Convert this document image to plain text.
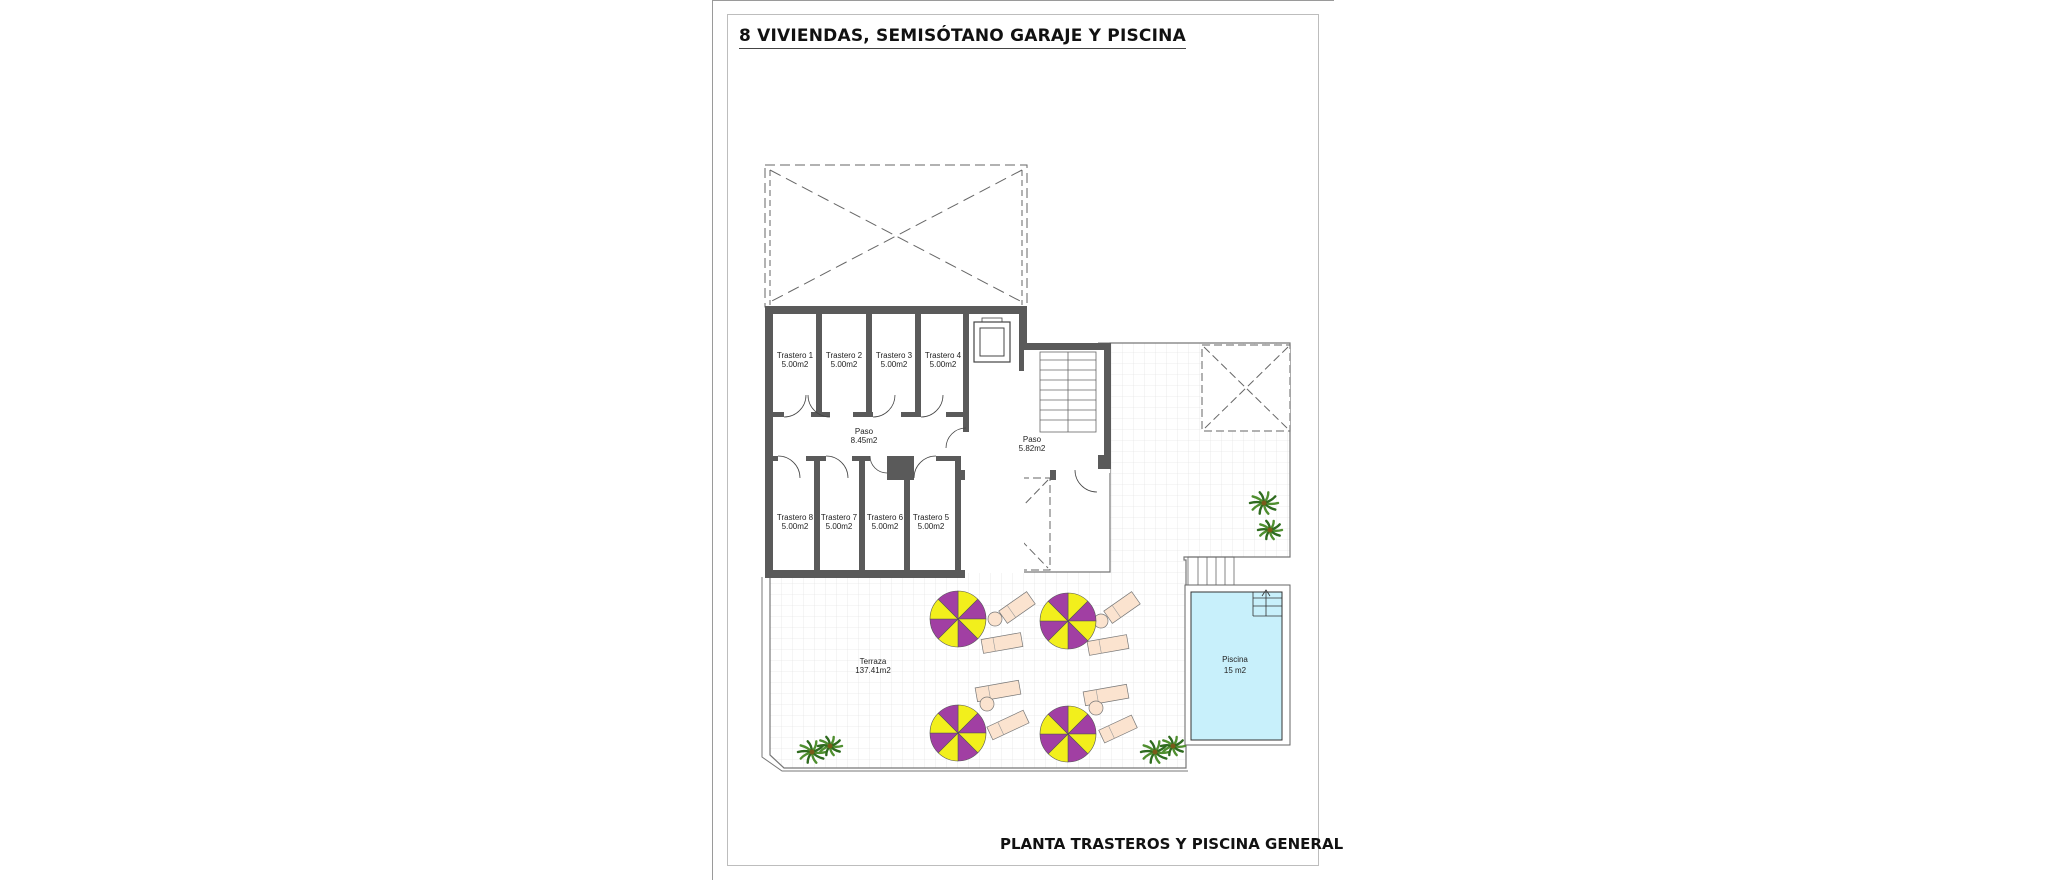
8 VIVIENDAS, SEMISÓTANO GARAJE Y PISCINA
Trastero 1
5.00m2
Trastero 2
5.00m2
Trastero 3
5.00m2
Trastero 4
5.00m2
Paso
8.45m2	Paso
5.82m2
Trastero 8
5.00m2
Trastero 7
5.00m2
Trastero 6
5.00m2
Trastero 5
5.00m2
Terraza
137.41m2
Piscina
15 m2
PLANTA TRASTEROS Y PISCINA GENERAL
